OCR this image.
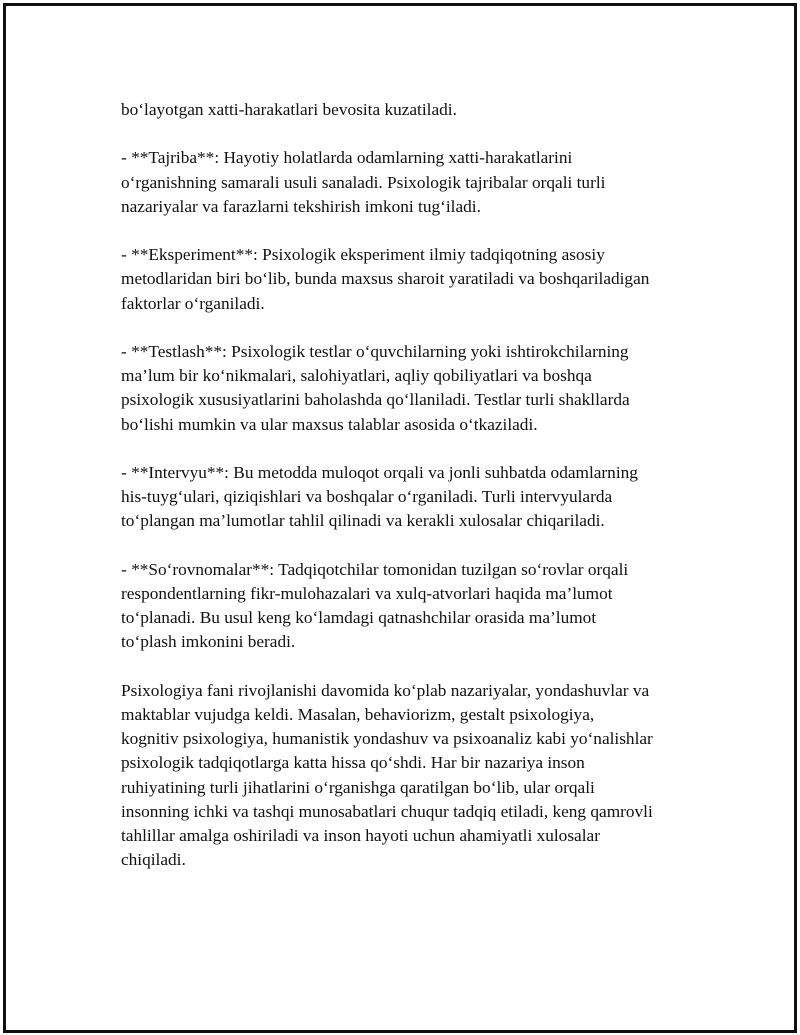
bo‘layotgan xatti-harakatlari bevosita kuzatiladi.

- **Tajriba**: Hayotiy holatlarda odamlarning xatti-harakatlarini
o‘rganishning samarali usuli sanaladi. Psixologik tajribalar orqali turli
nazariyalar va farazlarni tekshirish imkoni tug‘iladi.

- **Eksperiment**: Psixologik eksperiment ilmiy tadqiqotning asosiy
metodlaridan biri bo‘lib, bunda maxsus sharoit yaratiladi va boshqariladigan
faktorlar o‘rganiladi.

- **Testlash**: Psixologik testlar o‘quvchilarning yoki ishtirokchilarning
ma’lum bir ko‘nikmalari, salohiyatlari, aqliy qobiliyatlari va boshqa
psixologik xususiyatlarini baholashda qo‘llaniladi. Testlar turli shakllarda
bo‘lishi mumkin va ular maxsus talablar asosida o‘tkaziladi.

- **Intervyu**: Bu metodda muloqot orqali va jonli suhbatda odamlarning
his-tuyg‘ulari, qiziqishlari va boshqalar o‘rganiladi. Turli intervyularda
to‘plangan ma’lumotlar tahlil qilinadi va kerakli xulosalar chiqariladi.

- **So‘rovnomalar**: Tadqiqotchilar tomonidan tuzilgan so‘rovlar orqali
respondentlarning fikr-mulohazalari va xulq-atvorlari haqida ma’lumot
to‘planadi. Bu usul keng ko‘lamdagi qatnashchilar orasida ma’lumot
to‘plash imkonini beradi.

Psixologiya fani rivojlanishi davomida ko‘plab nazariyalar, yondashuvlar va
maktablar vujudga keldi. Masalan, behaviorizm, gestalt psixologiya,
kognitiv psixologiya, humanistik yondashuv va psixoanaliz kabi yo‘nalishlar
psixologik tadqiqotlarga katta hissa qo‘shdi. Har bir nazariya inson
ruhiyatining turli jihatlarini o‘rganishga qaratilgan bo‘lib, ular orqali
insonning ichki va tashqi munosabatlari chuqur tadqiq etiladi, keng qamrovli
tahlillar amalga oshiriladi va inson hayoti uchun ahamiyatli xulosalar
chiqiladi.
